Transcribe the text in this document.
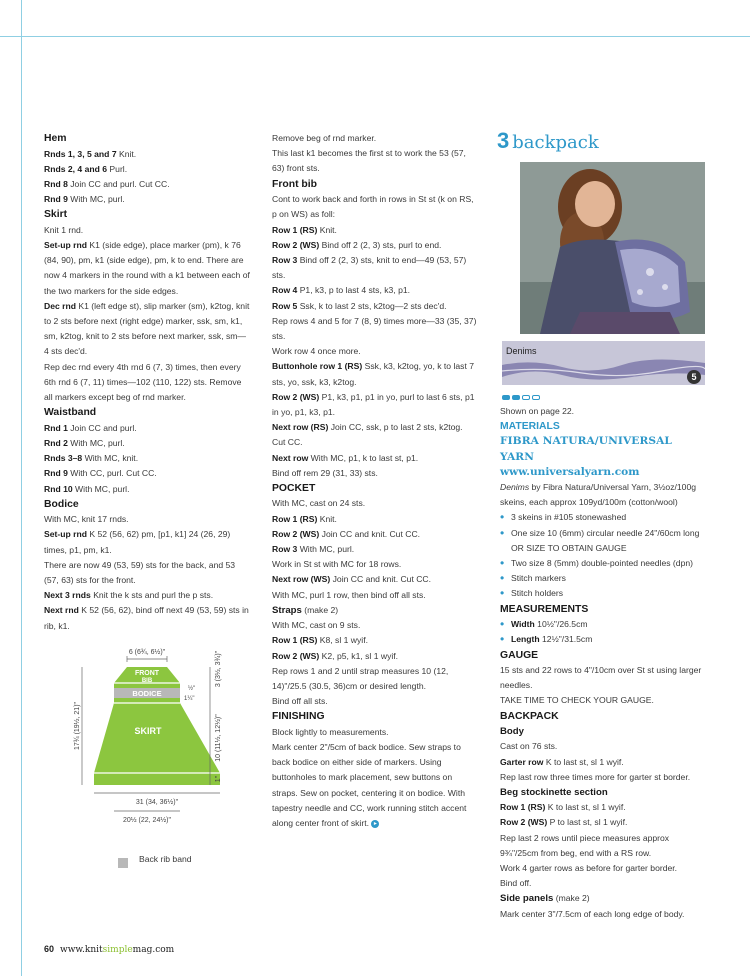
Hem

Rnds 1, 3, 5 and 7 Knit.

Rnds 2, 4 and 6 Purl.

Rnd 8 Join CC and purl. Cut CC.

Rnd 9 With MC, purl.

Skirt

Knit 1 rnd.

Set-up rnd K1 (side edge), place marker (pm), k 76 (84, 90), pm, k1 (side edge), pm, k to end. There are now 4 markers in the round with a k1 between each of the two markers for the side edges.

Dec rnd K1 (left edge st), slip marker (sm), k2tog, knit to 2 sts before next (right edge) marker, ssk, sm, k1, sm, k2tog, knit to 2 sts before next marker, ssk, sm—4 sts dec'd.

Rep dec rnd every 4th rnd 6 (7, 3) times, then every 6th rnd 6 (7, 11) times—102 (110, 122) sts. Remove all markers except beg of rnd marker.

Waistband

Rnd 1 Join CC and purl.

Rnd 2 With MC, purl.

Rnds 3–8 With MC, knit.

Rnd 9 With CC, purl. Cut CC.

Rnd 10 With MC, purl.

Bodice

With MC, knit 17 rnds.

Set-up rnd K 52 (56, 62) pm, [p1, k1] 24 (26, 29) times, p1, pm, k1.

There are now 49 (53, 59) sts for the back, and 53 (57, 63) sts for the front.

Next 3 rnds Knit the k sts and purl the p sts.

Next rnd K 52 (56, 62), bind off next 49 (53, 59) sts in rib, k1.

FRONT
BIB
BODICE
SKIRT
6 (6¾, 6½)"
17¾ (19½, 21)"
3 (3½, 3¾)"
½"
1¼"
10 (11½, 12½)"
1"
31 (34, 36½)"
20½ (22, 24½)"
Back rib band

Remove beg of rnd marker.

This last k1 becomes the first st to work the 53 (57, 63) front sts.

Front bib

Cont to work back and forth in rows in St st (k on RS, p on WS) as foll:

Row 1 (RS) Knit.

Row 2 (WS) Bind off 2 (2, 3) sts, purl to end.

Row 3 Bind off 2 (2, 3) sts, knit to end—49 (53, 57) sts.

Row 4 P1, k3, p to last 4 sts, k3, p1.

Row 5 Ssk, k to last 2 sts, k2tog—2 sts dec'd.

Rep rows 4 and 5 for 7 (8, 9) times more—33 (35, 37) sts.

Work row 4 once more.

Buttonhole row 1 (RS) Ssk, k3, k2tog, yo, k to last 7 sts, yo, ssk, k3, k2tog.

Row 2 (WS) P1, k3, p1, p1 in yo, purl to last 6 sts, p1 in yo, p1, k3, p1.

Next row (RS) Join CC, ssk, p to last 2 sts, k2tog. Cut CC.

Next row With MC, p1, k to last st, p1.

Bind off rem 29 (31, 33) sts.

POCKET

With MC, cast on 24 sts.

Row 1 (RS) Knit.

Row 2 (WS) Join CC and knit. Cut CC.

Row 3 With MC, purl.

Work in St st with MC for 18 rows.

Next row (WS) Join CC and knit. Cut CC.

With MC, purl 1 row, then bind off all sts.

Straps (make 2)

With MC, cast on 9 sts.

Row 1 (RS) K8, sl 1 wyif.

Row 2 (WS) K2, p5, k1, sl 1 wyif.

Rep rows 1 and 2 until strap measures 10 (12, 14)"/25.5 (30.5, 36)cm or desired length.

Bind off all sts.

FINISHING

Block lightly to measurements.

Mark center 2"/5cm of back bodice. Sew straps to back bodice on either side of markers. Using buttonholes to mark placement, sew buttons on straps. Sew on pocket, centering it on bodice. With tapestry needle and CC, work running stitch accent along center front of skirt. ▸

3 backpack
Denims
5

Shown on page 22.

MATERIALS

FIBRA NATURA/UNIVERSAL YARN

www.universalyarn.com

Denims by Fibra Natura/Universal Yarn, 3½oz/100g skeins, each approx 109yd/100m (cotton/wool)

• 3 skeins in #105 stonewashed

• One size 10 (6mm) circular needle 24"/60cm long OR SIZE TO OBTAIN GAUGE

• Two size 8 (5mm) double-pointed needles (dpn)

• Stitch markers

• Stitch holders

MEASUREMENTS

• Width 10½"/26.5cm

• Length 12½"/31.5cm

GAUGE

15 sts and 22 rows to 4"/10cm over St st using larger needles.

TAKE TIME TO CHECK YOUR GAUGE.

BACKPACK

Body

Cast on 76 sts.

Garter row K to last st, sl 1 wyif.

Rep last row three times more for garter st border.

Beg stockinette section

Row 1 (RS) K to last st, sl 1 wyif.

Row 2 (WS) P to last st, sl 1 wyif.

Rep last 2 rows until piece measures approx 9¾"/25cm from beg, end with a RS row.

Work 4 garter rows as before for garter border.

Bind off.

Side panels (make 2)

Mark center 3"/7.5cm of each long edge of body.

60 www.knitsimplemag.com
